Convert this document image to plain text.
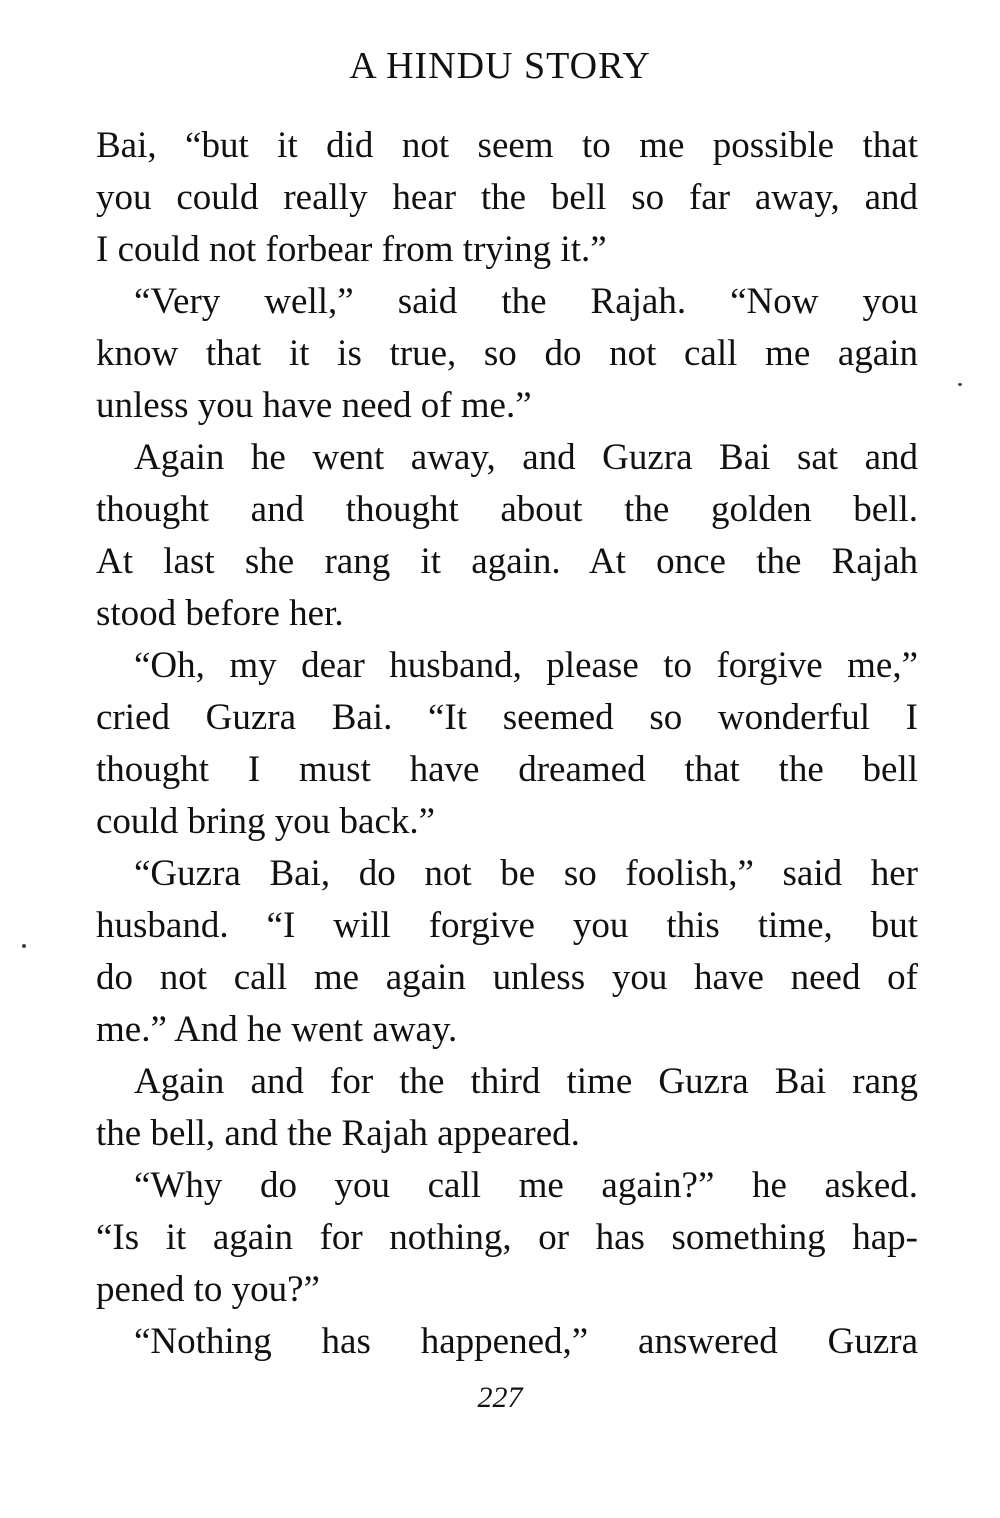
A HINDU STORY
Bai, “but it did not seem to me possible that
you could really hear the bell so far away, and
I could not forbear from trying it.”
“Very well,” said the Rajah. “Now you
know that it is true, so do not call me again
unless you have need of me.”
Again he went away, and Guzra Bai sat and
thought and thought about the golden bell.
At last she rang it again. At once the Rajah
stood before her.
“Oh, my dear husband, please to forgive me,”
cried Guzra Bai. “It seemed so wonderful I
thought I must have dreamed that the bell
could bring you back.”
“Guzra Bai, do not be so foolish,” said her
husband. “I will forgive you this time, but
do not call me again unless you have need of
me.” And he went away.
Again and for the third time Guzra Bai rang
the bell, and the Rajah appeared.
“Why do you call me again?” he asked.
“Is it again for nothing, or has something hap-
pened to you?”
“Nothing has happened,” answered Guzra
227
